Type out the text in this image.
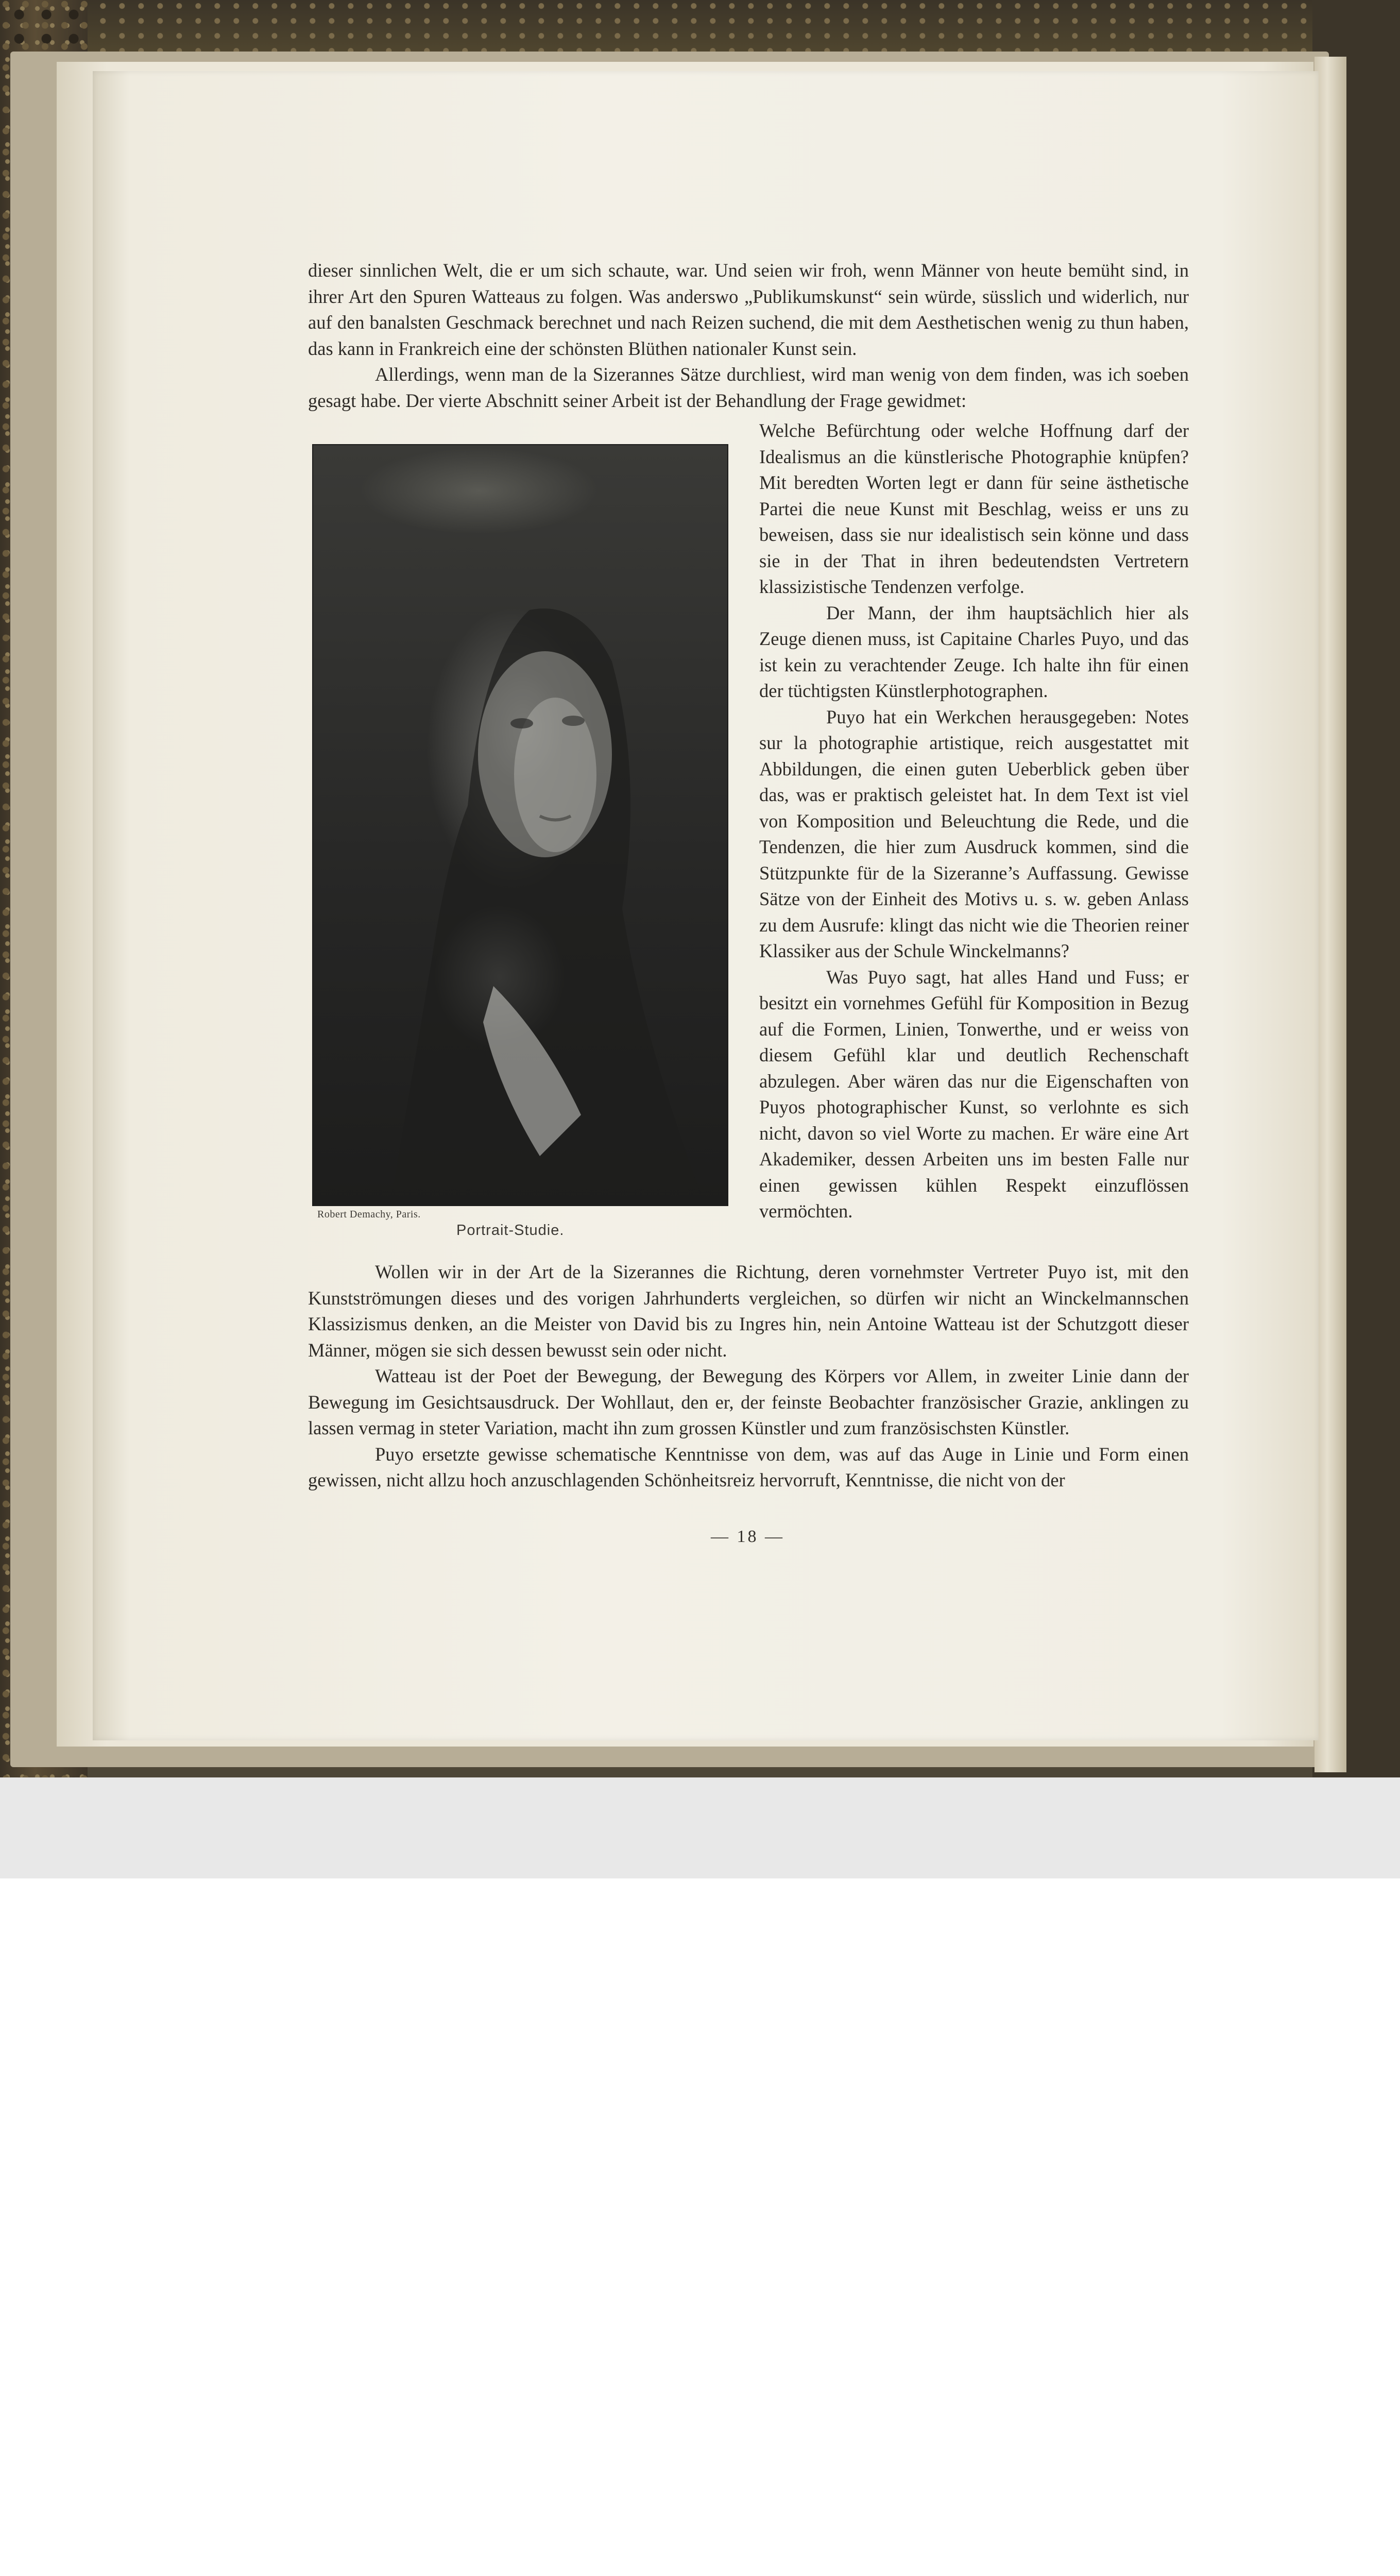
dieser sinnlichen Welt, die er um sich schaute, war. Und seien wir froh, wenn Männer von heute bemüht sind, in ihrer Art den Spuren Watteaus zu folgen. Was anderswo „Publikumskunst“ sein würde, süsslich und widerlich, nur auf den banalsten Geschmack berechnet und nach Reizen suchend, die mit dem Aesthetischen wenig zu thun haben, das kann in Frankreich eine der schönsten Blüthen nationaler Kunst sein.

Allerdings, wenn man de la Sizerannes Sätze durchliest, wird man wenig von dem finden, was ich soeben gesagt habe. Der vierte Abschnitt seiner Arbeit ist der Behandlung der Frage gewidmet:

Robert Demachy, Paris.
Portrait-Studie.

Welche Befürchtung oder welche Hoffnung darf der Idealismus an die künstlerische Photographie knüpfen? Mit beredten Worten legt er dann für seine ästhetische Partei die neue Kunst mit Beschlag, weiss er uns zu beweisen, dass sie nur idealistisch sein könne und dass sie in der That in ihren bedeutendsten Vertretern klassizistische Tendenzen verfolge.

Der Mann, der ihm hauptsächlich hier als Zeuge dienen muss, ist Capitaine Charles Puyo, und das ist kein zu verachtender Zeuge. Ich halte ihn für einen der tüchtigsten Künstlerphotographen.

Puyo hat ein Werkchen herausgegeben: Notes sur la photographie artistique, reich ausgestattet mit Abbildungen, die einen guten Ueberblick geben über das, was er praktisch geleistet hat. In dem Text ist viel von Komposition und Beleuchtung die Rede, und die Tendenzen, die hier zum Ausdruck kommen, sind die Stützpunkte für de la Sizeranne’s Auffassung. Gewisse Sätze von der Einheit des Motivs u. s. w. geben Anlass zu dem Ausrufe: klingt das nicht wie die Theorien reiner Klassiker aus der Schule Winckelmanns?

Was Puyo sagt, hat alles Hand und Fuss; er besitzt ein vornehmes Gefühl für Komposition in Bezug auf die Formen, Linien, Tonwerthe, und er weiss von diesem Gefühl klar und deutlich Rechenschaft abzulegen. Aber wären das nur die Eigenschaften von Puyos photographischer Kunst, so verlohnte es sich nicht, davon so viel Worte zu machen. Er wäre eine Art Akademiker, dessen Arbeiten uns im besten Falle nur einen gewissen kühlen Respekt einzuflössen vermöchten.

Wollen wir in der Art de la Sizerannes die Richtung, deren vornehmster Vertreter Puyo ist, mit den Kunstströmungen dieses und des vorigen Jahrhunderts vergleichen, so dürfen wir nicht an Winckelmannschen Klassizismus denken, an die Meister von David bis zu Ingres hin, nein Antoine Watteau ist der Schutzgott dieser Männer, mögen sie sich dessen bewusst sein oder nicht.

Watteau ist der Poet der Bewegung, der Bewegung des Körpers vor Allem, in zweiter Linie dann der Bewegung im Gesichtsausdruck. Der Wohllaut, den er, der feinste Beobachter französischer Grazie, anklingen zu lassen vermag in steter Variation, macht ihn zum grossen Künstler und zum französischsten Künstler.

Puyo ersetzte gewisse schematische Kenntnisse von dem, was auf das Auge in Linie und Form einen gewissen, nicht allzu hoch anzuschlagenden Schönheitsreiz hervorruft, Kenntnisse, die nicht von der

— 18 —
